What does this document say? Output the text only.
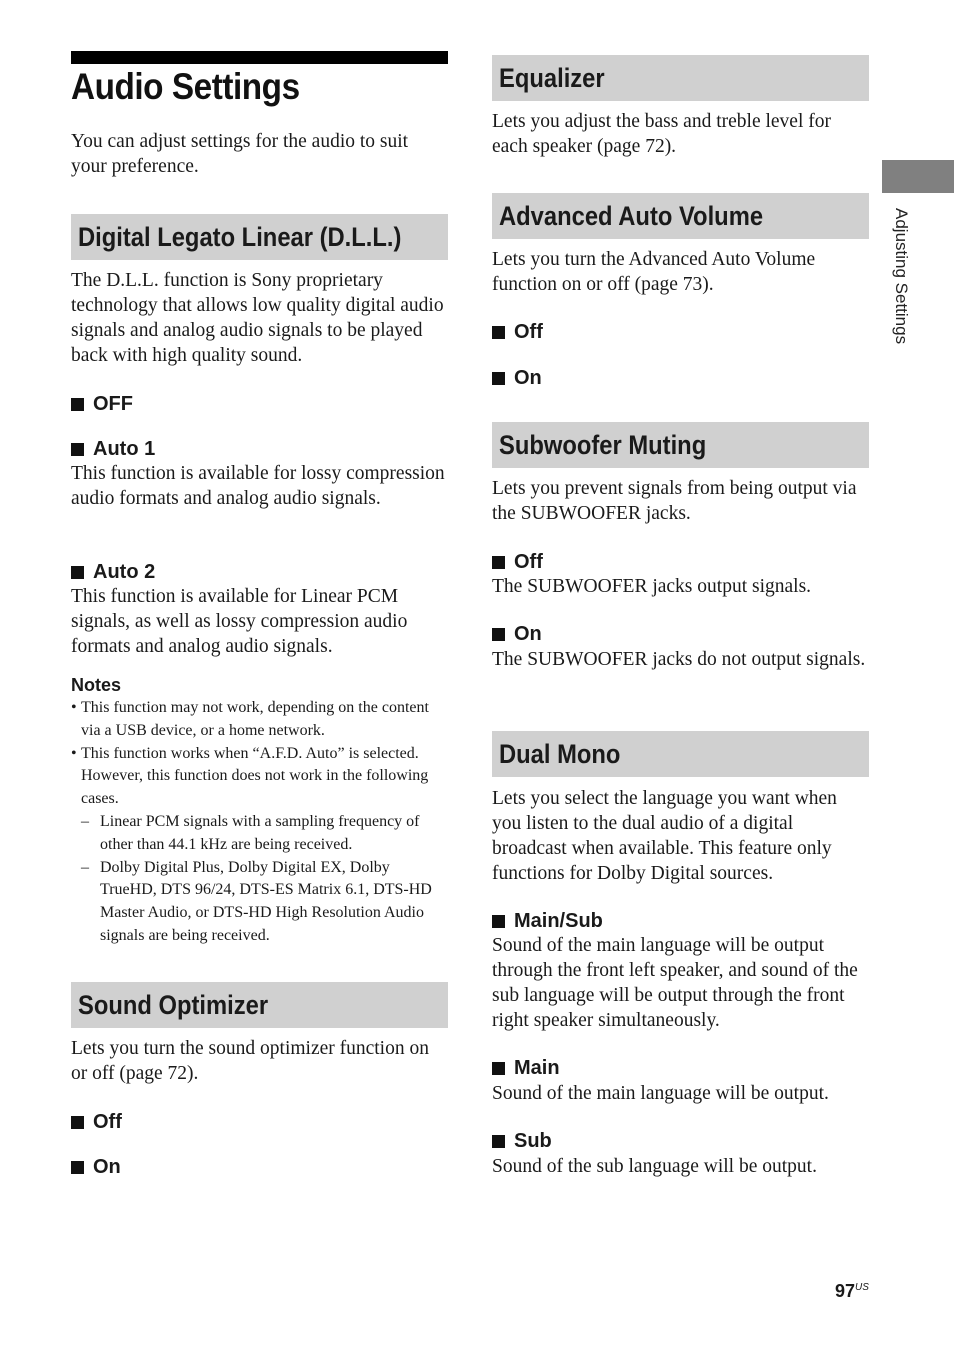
Audio Settings

You can adjust settings for the audio to suit your preference.

Digital Legato Linear (D.L.L.)

The D.L.L. function is Sony proprietary technology that allows low quality digital audio signals and analog audio signals to be played back with high quality sound.

OFF
Auto 1

This function is available for lossy compression audio formats and analog audio signals.

Auto 2

This function is available for Linear PCM signals, as well as lossy compression audio formats and analog audio signals.

Notes

• This function may not work, depending on the content via a USB device, or a home network.
• This function works when “A.F.D. Auto” is selected. However, this function does not work in the following cases.
– Linear PCM signals with a sampling frequency of other than 44.1 kHz are being received.
– Dolby Digital Plus, Dolby Digital EX, Dolby TrueHD, DTS 96/24, DTS-ES Matrix 6.1, DTS-HD Master Audio, or DTS-HD High Resolution Audio signals are being received.
Sound Optimizer

Lets you turn the sound optimizer function on or off (page 72).

Off
On
Equalizer

Lets you adjust the bass and treble level for each speaker (page 72).

Advanced Auto Volume

Lets you turn the Advanced Auto Volume function on or off (page 73).

Off
On
Subwoofer Muting

Lets you prevent signals from being output via the SUBWOOFER jacks.

Off

The SUBWOOFER jacks output signals.

On

The SUBWOOFER jacks do not output signals.

Dual Mono

Lets you select the language you want when you listen to the dual audio of a digital broadcast when available. This feature only functions for Dolby Digital sources.

Main/Sub

Sound of the main language will be output through the front left speaker, and sound of the sub language will be output through the front right speaker simultaneously.

Main

Sound of the main language will be output.

Sub

Sound of the sub language will be output.

Adjusting Settings
$97^{US}$
